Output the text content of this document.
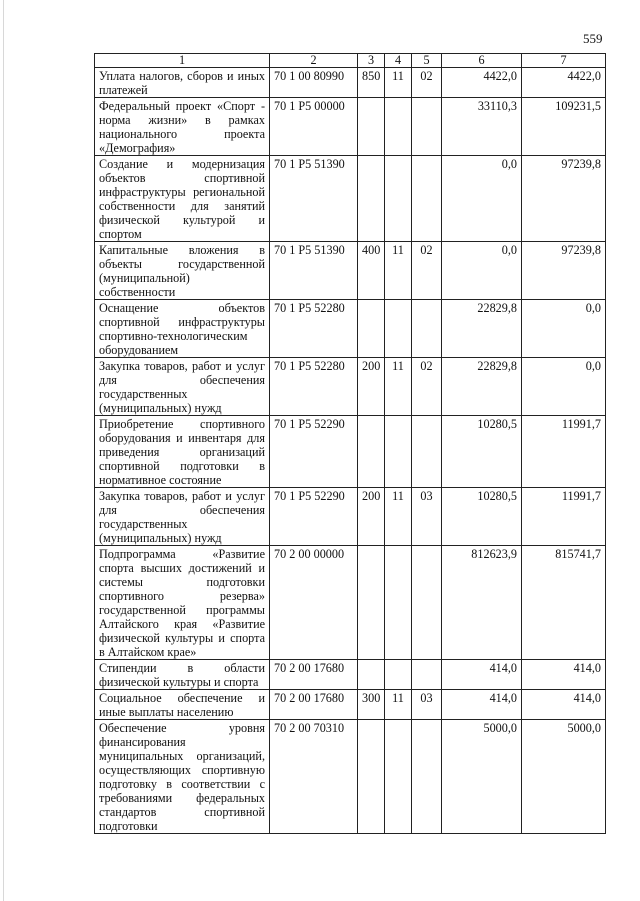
559
1	2	3	4	5	6	7
Уплата налогов, сборов и иных платежей	70 1 00 80990	850	11	02	4422,0	4422,0
Федеральный проект «Спорт - норма жизни» в рамках национального проекта «Демография»	70 1 P5 00000				33110,3	109231,5
Создание и модернизация объектов спортивной инфраструктуры региональной собственности для занятий физической культурой и спортом	70 1 P5 51390				0,0	97239,8
Капитальные вложения в объекты государственной (муниципальной) собственности	70 1 P5 51390	400	11	02	0,0	97239,8
Оснащение объектов спортивной инфраструктуры спортивно-технологическим оборудованием	70 1 P5 52280				22829,8	0,0
Закупка товаров, работ и услуг для обеспечения государственных (муниципальных) нужд	70 1 P5 52280	200	11	02	22829,8	0,0
Приобретение спортивного оборудования и инвентаря для приведения организаций спортивной подготовки в нормативное состояние	70 1 P5 52290				10280,5	11991,7
Закупка товаров, работ и услуг для обеспечения государственных (муниципальных) нужд	70 1 P5 52290	200	11	03	10280,5	11991,7
Подпрограмма «Развитие спорта высших достижений и системы подготовки спортивного резерва» государственной программы Алтайского края «Развитие физической культуры и спорта в Алтайском крае»	70 2 00 00000				812623,9	815741,7
Стипендии в области физической культуры и спорта	70 2 00 17680				414,0	414,0
Социальное обеспечение и иные выплаты населению	70 2 00 17680	300	11	03	414,0	414,0
Обеспечение уровня финансирования муниципальных организаций, осуществляющих спортивную подготовку в соответствии с требованиями федеральных стандартов спортивной подготовки	70 2 00 70310				5000,0	5000,0
